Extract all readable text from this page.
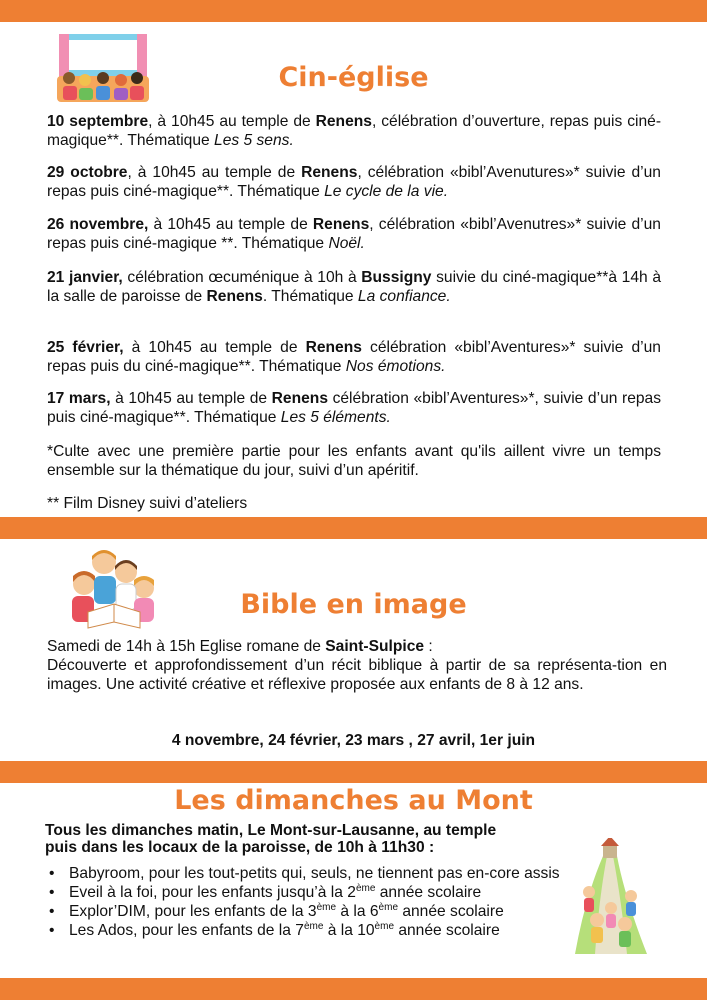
Cin-église
10 septembre, à 10h45 au temple de Renens, célébration d’ouverture, repas puis ciné-magique**. Thématique Les 5 sens.
29 octobre, à 10h45 au temple de Renens, célébration «bibl’Avenutures»* suivie d’un repas puis ciné-magique**. Thématique Le cycle de la vie.
26 novembre, à 10h45 au temple de Renens, célébration «bibl’Avenutres»* suivie d’un repas puis ciné-magique **. Thématique Noël.
21 janvier, célébration œcuménique à 10h à Bussigny suivie du ciné-magique**à 14h à la salle de paroisse de Renens. Thématique La confiance.
25 février, à 10h45 au temple de Renens célébration «bibl’Aventures»* suivie d’un repas puis du ciné-magique**. Thématique Nos émotions.
17 mars, à 10h45 au temple de Renens célébration «bibl’Aventures»*, suivie d’un repas puis ciné-magique**. Thématique Les 5 éléments.
*Culte avec une première partie pour les enfants avant qu'ils aillent vivre un temps ensemble sur la thématique du jour, suivi d’un apéritif.
** Film Disney suivi d’ateliers
Bible en image
Samedi de 14h à 15h Eglise romane de Saint-Sulpice :
Découverte et approfondissement d’un récit biblique à partir de sa représenta-tion en images. Une activité créative et réflexive proposée aux enfants de 8 à 12 ans.
4 novembre, 24 février, 23 mars , 27 avril, 1er juin
Les dimanches au Mont
Tous les dimanches matin, Le Mont-sur-Lausanne, au temple
puis dans les locaux de la paroisse, de 10h à 11h30 :
• Babyroom, pour les tout-petits qui, seuls, ne tiennent pas en-core assis
• Eveil à la foi, pour les enfants jusqu’à la 2ème année scolaire
• Explor’DIM, pour les enfants de la 3ème à la 6ème année scolaire
• Les Ados, pour les enfants de la 7ème à la 10ème année scolaire
